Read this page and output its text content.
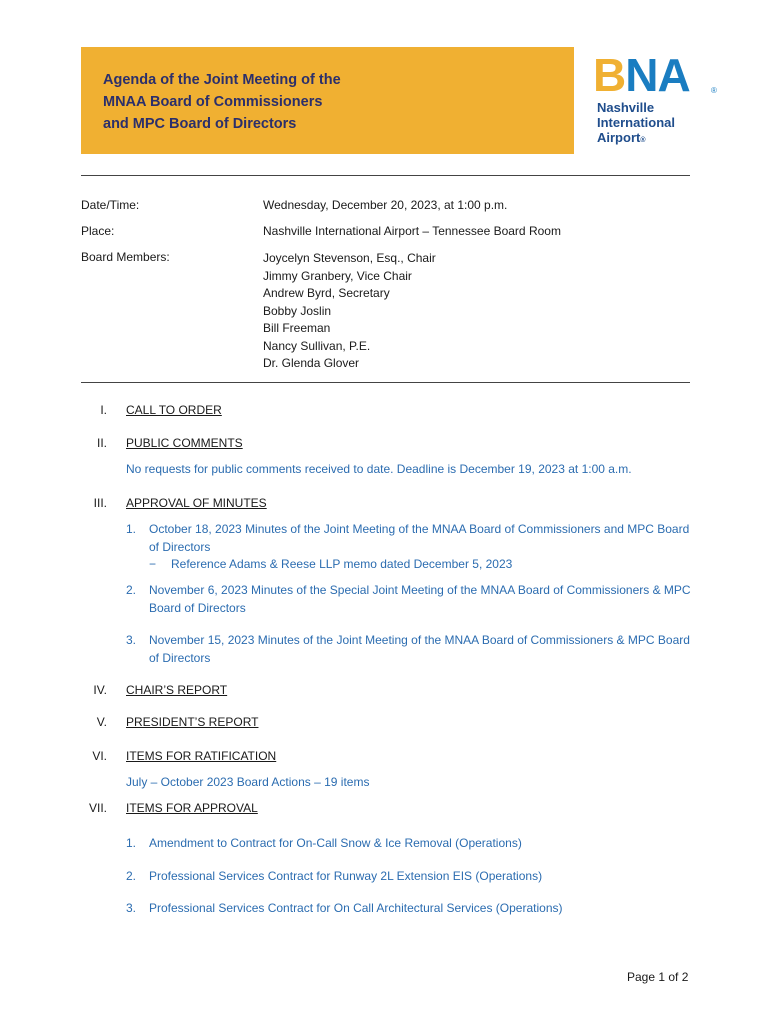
Agenda of the Joint Meeting of the
MNAA Board of Commissioners
and MPC Board of Directors
BNA	®
Nashville
International
Airport®
Date/Time:	Wednesday, December 20, 2023, at 1:00 p.m.
Place:	Nashville International Airport – Tennessee Board Room
Board Members:	Joycelyn Stevenson, Esq., Chair
Jimmy Granbery, Vice Chair
Andrew Byrd, Secretary
Bobby Joslin
Bill Freeman
Nancy Sullivan, P.E.
Dr. Glenda Glover
I. CALL TO ORDER
II. PUBLIC COMMENTS
No requests for public comments received to date. Deadline is December 19, 2023 at 1:00 a.m.
III. APPROVAL OF MINUTES
1. October 18, 2023 Minutes of the Joint Meeting of the MNAA Board of Commissioners and MPC Board of Directors
− Reference Adams & Reese LLP memo dated December 5, 2023
2. November 6, 2023 Minutes of the Special Joint Meeting of the MNAA Board of Commissioners & MPC Board of Directors
3. November 15, 2023 Minutes of the Joint Meeting of the MNAA Board of Commissioners & MPC Board of Directors
IV. CHAIR’S REPORT
V. PRESIDENT’S REPORT
VI. ITEMS FOR RATIFICATION
July – October 2023 Board Actions – 19 items
VII. ITEMS FOR APPROVAL
1. Amendment to Contract for On-Call Snow & Ice Removal (Operations)
2. Professional Services Contract for Runway 2L Extension EIS (Operations)
3. Professional Services Contract for On Call Architectural Services (Operations)
Page 1 of 2
